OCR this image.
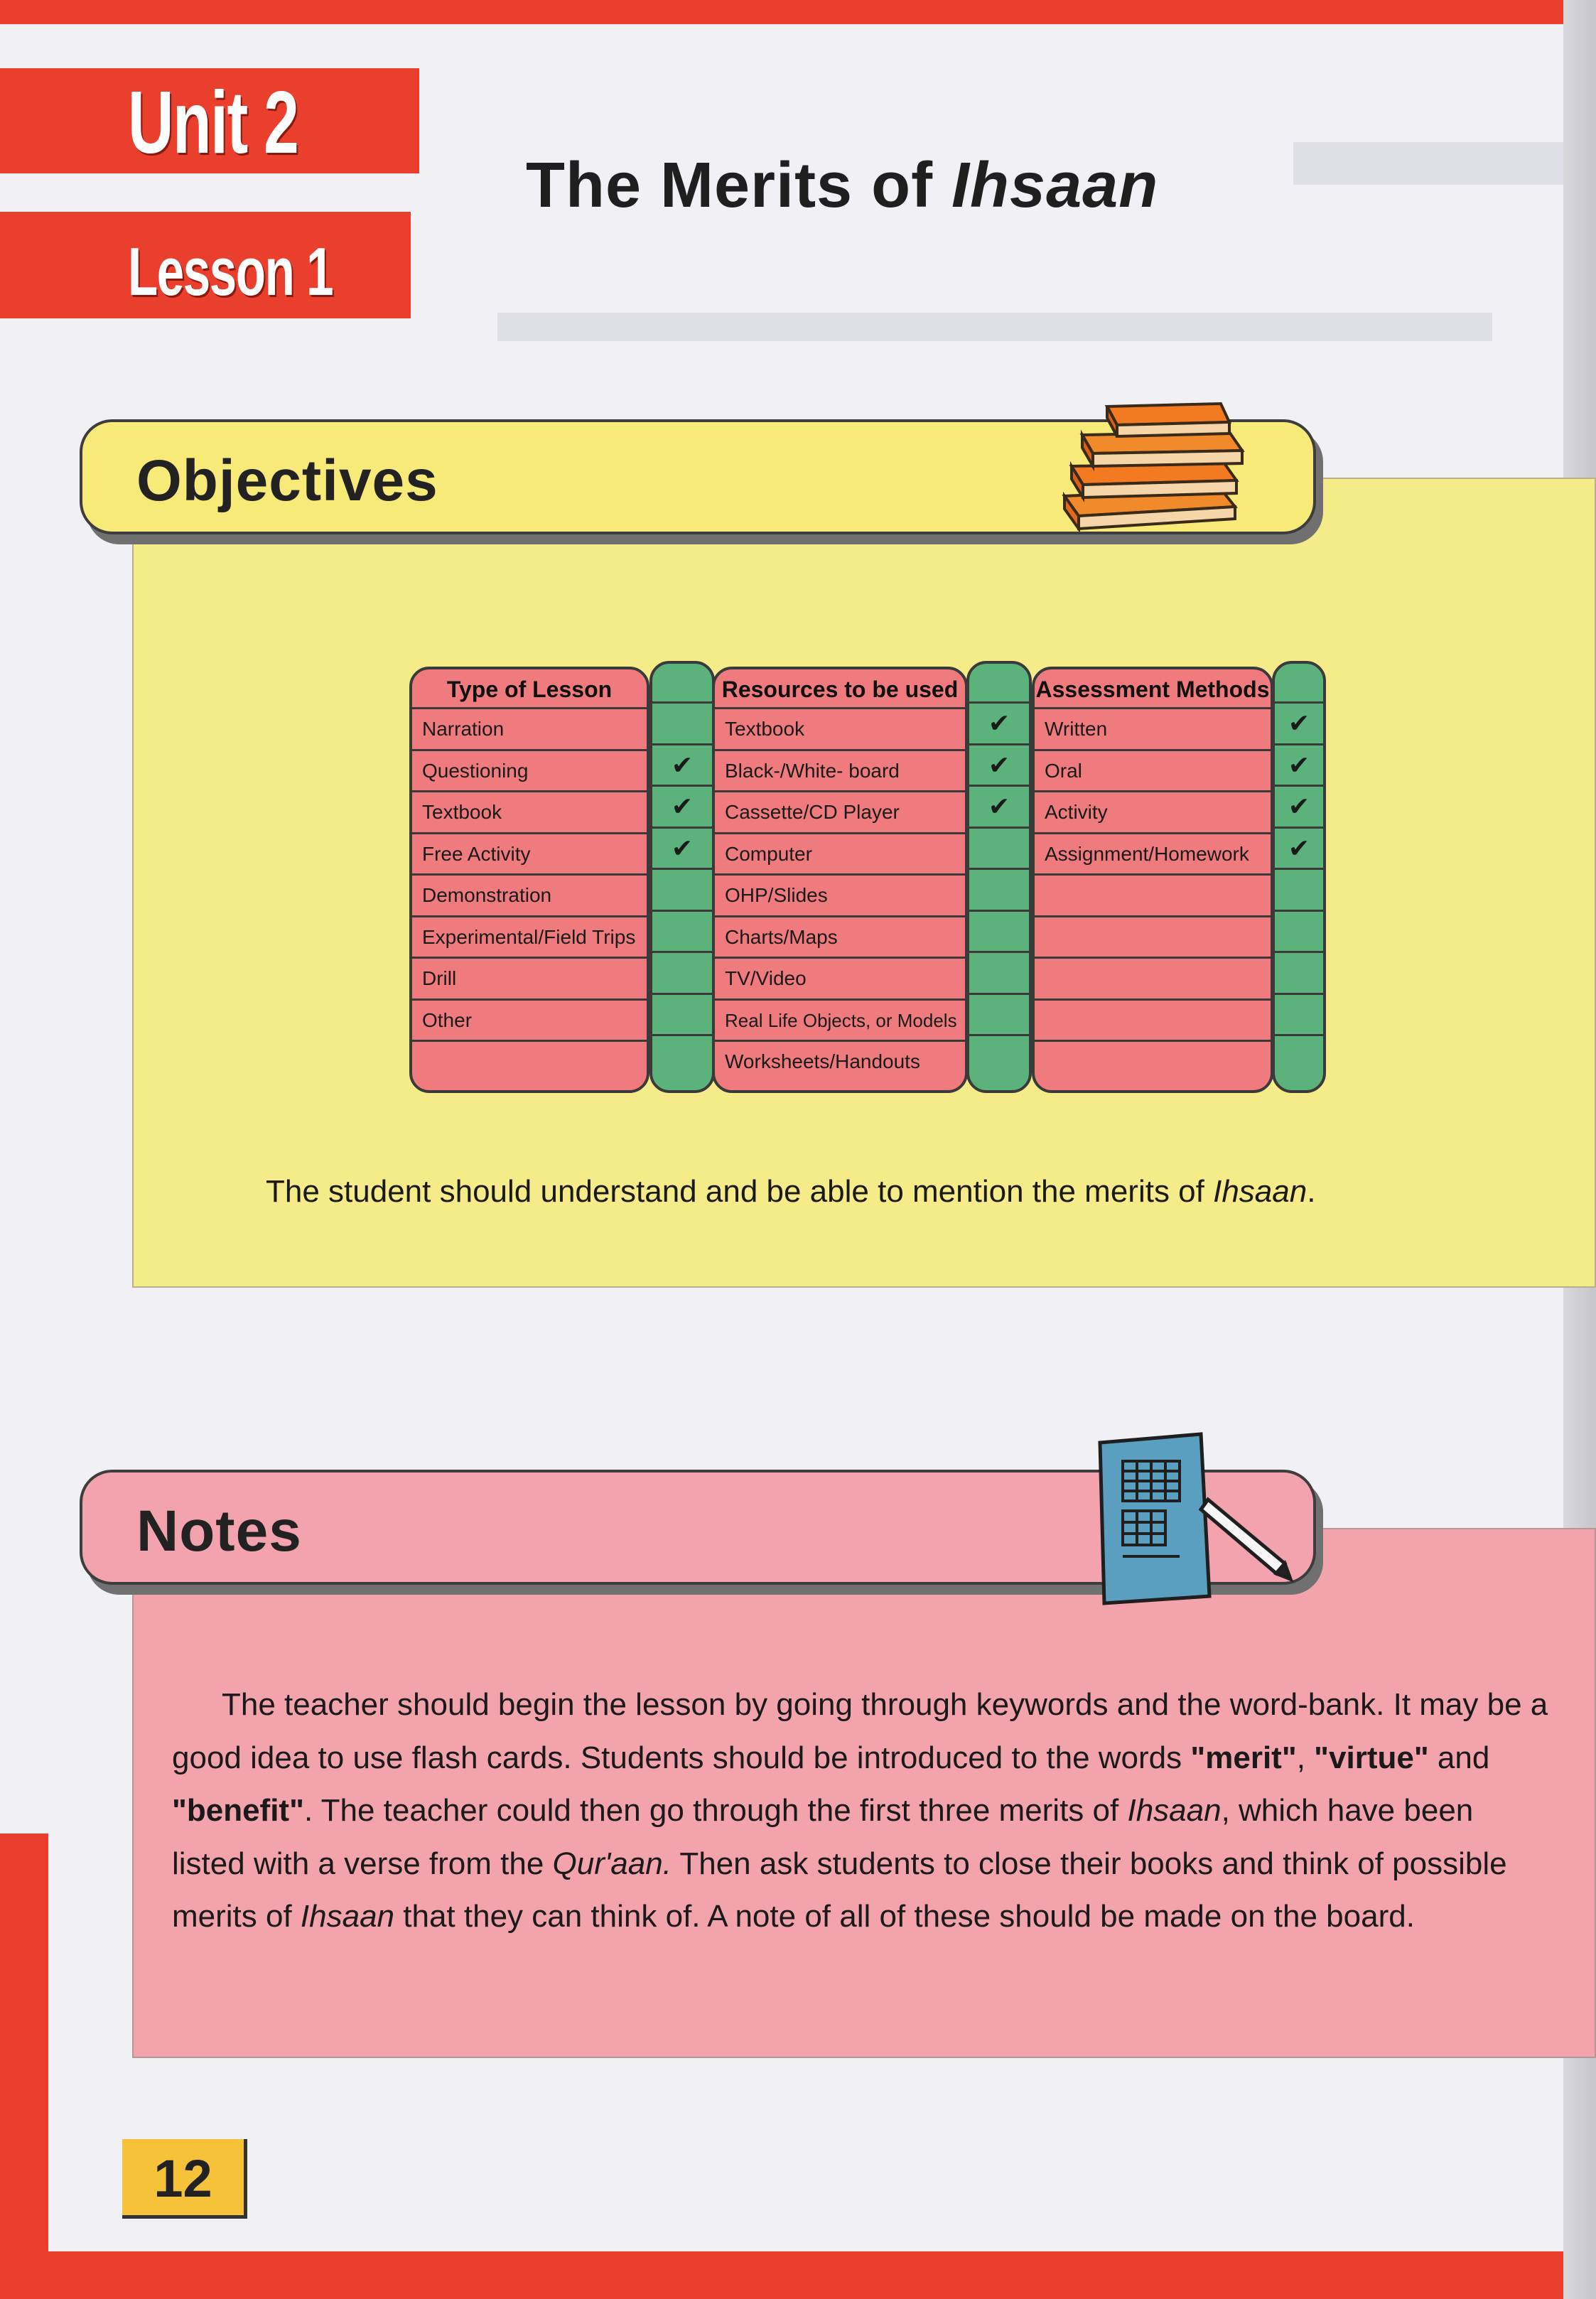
Unit 2
Lesson 1
The Merits of Ihsaan
Objectives
Type of Lesson
Narration
Questioning
Textbook
Free Activity
Demonstration
Experimental/Field Trips
Drill
Other
✔
✔
✔
Resources to be used
Textbook
Black-/White- board
Cassette/CD Player
Computer
OHP/Slides
Charts/Maps
TV/Video
Real Life Objects, or Models
Worksheets/Handouts
✔
✔
✔
Assessment Methods
Written
Oral
Activity
Assignment/Homework
✔
✔
✔
✔

The student should understand and be able to mention the merits of Ihsaan.

Notes
The teacher should begin the lesson by going through keywords and the word-bank. It may be a good idea to use flash cards. Students should be introduced to the words "merit", "virtue" and "benefit". The teacher could then go through the first three merits of Ihsaan, which have been listed with a verse from the Qur'aan. Then ask students to close their books and think of possible merits of Ihsaan that they can think of. A note of all of these should be made on the board.
12
